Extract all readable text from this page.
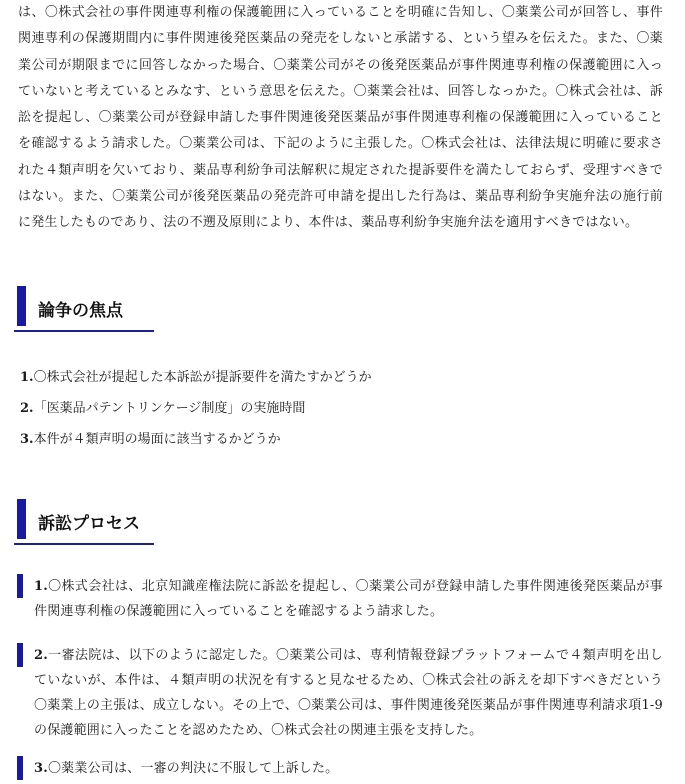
は、〇株式会社の事件関連専利権の保護範囲に入っていることを明確に告知し、〇薬業公司が回答し、事件関連専利の保護期間内に事件関連後発医薬品の発売をしないと承諾する、という望みを伝えた。また、〇薬業公司が期限までに回答しなかった場合、〇薬業公司がその後発医薬品が事件関連専利権の保護範囲に入っていないと考えているとみなす、という意思を伝えた。〇薬業会社は、回答しなっかた。〇株式会社は、訴訟を提起し、〇薬業公司が登録申請した事件関連後発医薬品が事件関連専利権の保護範囲に入っていることを確認するよう請求した。〇薬業公司は、下記のように主張した。〇株式会社は、法律法規に明確に要求された４類声明を欠いており、薬品専利紛争司法解釈に規定された提訴要件を満たしておらず、受理すべきではない。また、〇薬業公司が後発医薬品の発売許可申請を提出した行為は、薬品専利紛争実施弁法の施行前に発生したものであり、法の不遡及原則により、本件は、薬品専利紛争実施弁法を適用すべきではない。

論争の焦点

1.〇株式会社が提起した本訴訟が提訴要件を満たすかどうか

2.「医薬品パテントリンケージ制度」の実施時間

3.本件が４類声明の場面に該当するかどうか

訴訟プロセス

1.〇株式会社は、北京知識産権法院に訴訟を提起し、〇薬業公司が登録申請した事件関連後発医薬品が事件関連専利権の保護範囲に入っていることを確認するよう請求した。

2.一審法院は、以下のように認定した。〇薬業公司は、専利情報登録プラットフォームで４類声明を出していないが、本件は、４類声明の状況を有すると見なせるため、〇株式会社の訴えを却下すべきだという〇薬業上の主張は、成立しない。その上で、〇薬業公司は、事件関連後発医薬品が事件関連専利請求項1-9の保護範囲に入ったことを認めたため、〇株式会社の関連主張を支持した。

3.〇薬業公司は、一審の判決に不服して上訴した。
